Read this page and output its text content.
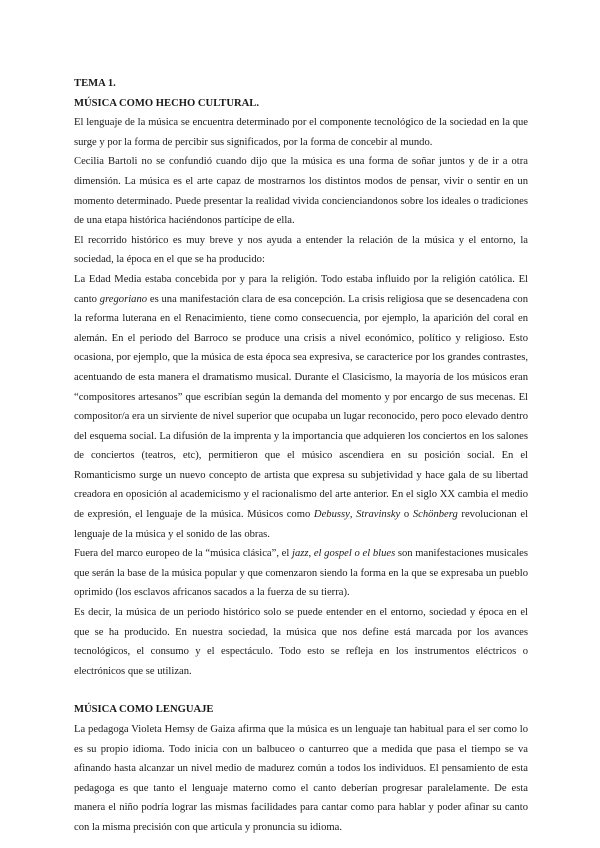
TEMA 1.

MÚSICA COMO HECHO CULTURAL.

El lenguaje de la música se encuentra determinado por el componente tecnológico de la sociedad en la que surge y por la forma de percibir sus significados, por la forma de concebir al mundo.

Cecilia Bartoli no se confundió cuando dijo que la música es una forma de soñar juntos y de ir a otra dimensión. La música es el arte capaz de mostrarnos los distintos modos de pensar, vivir o sentir en un momento determinado. Puede presentar la realidad vivida concienciandonos sobre los ideales o tradiciones de una etapa histórica haciéndonos partícipe de ella.

El recorrido histórico es muy breve y nos ayuda a entender la relación de la música y el entorno, la sociedad, la época en el que se ha producido:

La Edad Media estaba concebida por y para la religión. Todo estaba influido por la religión católica. El canto gregoriano es una manifestación clara de esa concepción. La crisis religiosa que se desencadena con la reforma luterana en el Renacimiento, tiene como consecuencia, por ejemplo, la aparición del coral en alemán. En el periodo del Barroco se produce una crisis a nivel económico, político y religioso. Esto ocasiona, por ejemplo, que la música de esta época sea expresiva, se caracterice por los grandes contrastes, acentuando de esta manera el dramatismo musical. Durante el Clasicismo, la mayoría de los músicos eran “compositores artesanos” que escribían según la demanda del momento y por encargo de sus mecenas. El compositor/a era un sirviente de nivel superior que ocupaba un lugar reconocido, pero poco elevado dentro del esquema social. La difusión de la imprenta y la importancia que adquieren los conciertos en los salones de conciertos (teatros, etc), permitieron que el músico ascendiera en su posición social. En el Romanticismo surge un nuevo concepto de artista que expresa su subjetividad y hace gala de su libertad creadora en oposición al academicismo y el racionalismo del arte anterior. En el siglo XX cambia el medio de expresión, el lenguaje de la música. Músicos como Debussy, Stravinsky o Schönberg revolucionan el lenguaje de la música y el sonido de las obras.

Fuera del marco europeo de la “música clásica”, el jazz, el gospel o el blues son manifestaciones musicales que serán la base de la música popular y que comenzaron siendo la forma en la que se expresaba un pueblo oprimido (los esclavos africanos sacados a la fuerza de su tierra).

Es decir, la música de un periodo histórico solo se puede entender en el entorno, sociedad y época en el que se ha producido. En nuestra sociedad, la música que nos define está marcada por los avances tecnológicos, el consumo y el espectáculo. Todo esto se refleja en los instrumentos eléctricos o electrónicos que se utilizan.

MÚSICA COMO LENGUAJE

La pedagoga Violeta Hemsy de Gaiza afirma que la música es un lenguaje tan habitual para el ser como lo es su propio idioma. Todo inicia con un balbuceo o canturreo que a medida que pasa el tiempo se va afinando hasta alcanzar un nivel medio de madurez común a todos los individuos. El pensamiento de esta pedagoga es que tanto el lenguaje materno como el canto deberían progresar paralelamente. De esta manera el niño podría lograr las mismas facilidades para cantar como para hablar y poder afinar su canto con la misma precisión con que articula y pronuncia su idioma.
